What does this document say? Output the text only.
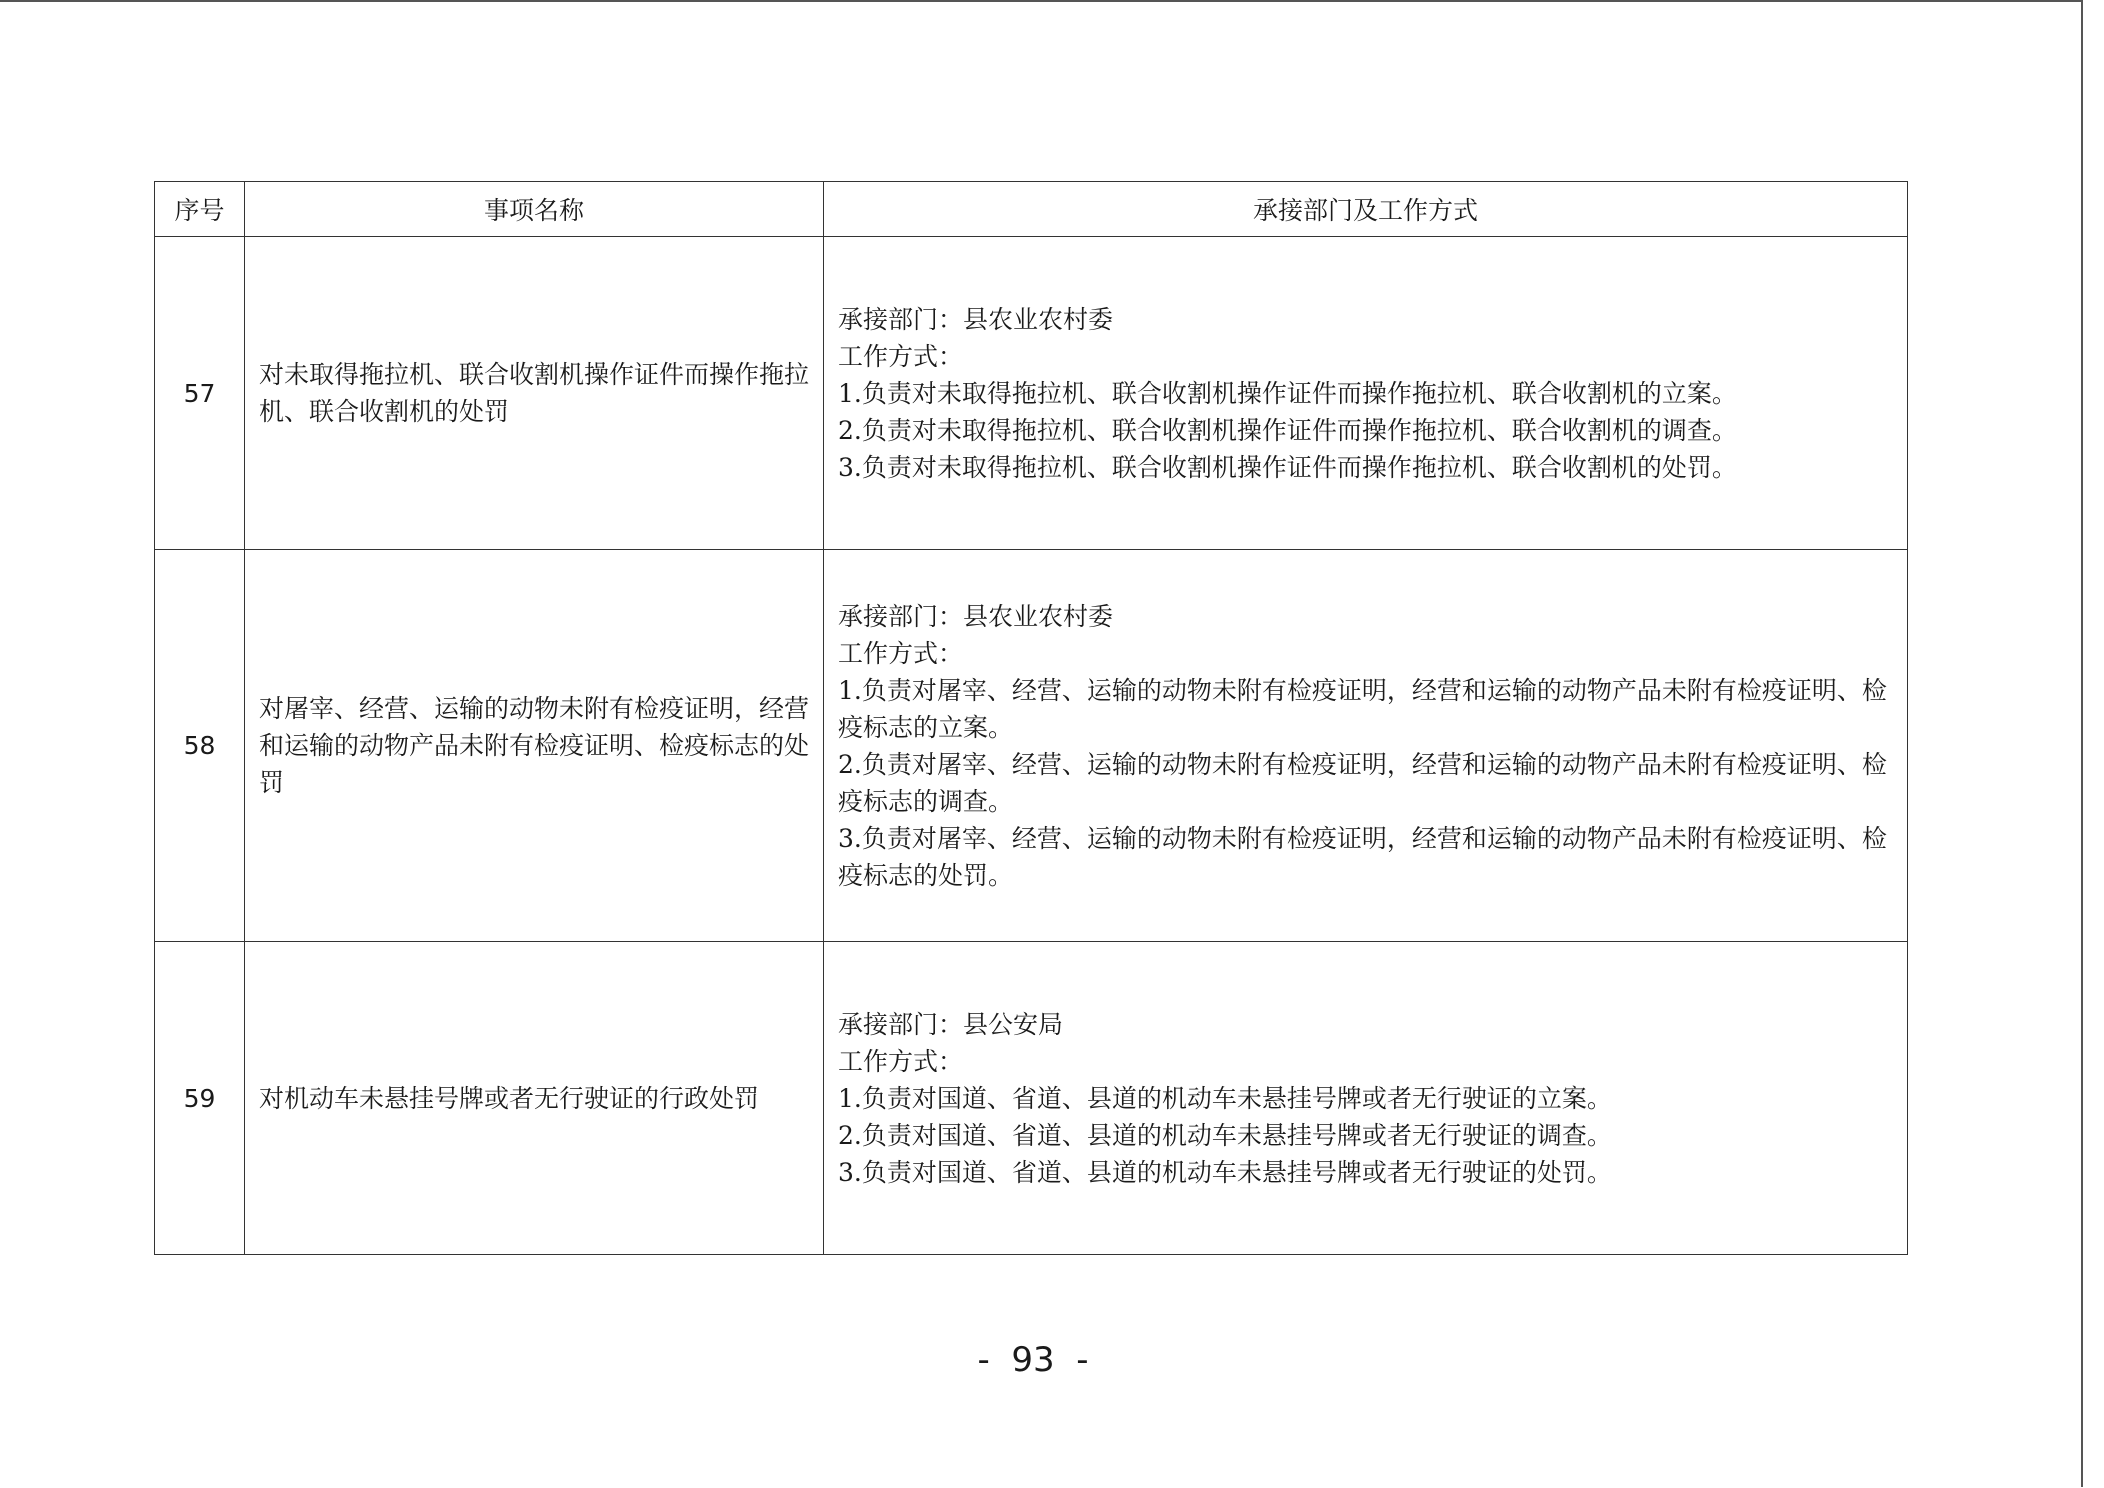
序号	事项名称	承接部门及工作方式
57	对未取得拖拉机、联合收割机操作证件而操作拖拉机、联合收割机的处罚	承接部门：县农业农村委
工作方式：
1.负责对未取得拖拉机、联合收割机操作证件而操作拖拉机、联合收割机的立案。
2.负责对未取得拖拉机、联合收割机操作证件而操作拖拉机、联合收割机的调查。
3.负责对未取得拖拉机、联合收割机操作证件而操作拖拉机、联合收割机的处罚。

58	对屠宰、经营、运输的动物未附有检疫证明，经营和运输的动物产品未附有检疫证明、检疫标志的处罚	承接部门：县农业农村委
工作方式：
1.负责对屠宰、经营、运输的动物未附有检疫证明，经营和运输的动物产品未附有检疫证明、检疫标志的立案。
2.负责对屠宰、经营、运输的动物未附有检疫证明，经营和运输的动物产品未附有检疫证明、检疫标志的调查。
3.负责对屠宰、经营、运输的动物未附有检疫证明，经营和运输的动物产品未附有检疫证明、检疫标志的处罚。

59	对机动车未悬挂号牌或者无行驶证的行政处罚	承接部门：县公安局
工作方式：
1.负责对国道、省道、县道的机动车未悬挂号牌或者无行驶证的立案。
2.负责对国道、省道、县道的机动车未悬挂号牌或者无行驶证的调查。
3.负责对国道、省道、县道的机动车未悬挂号牌或者无行驶证的处罚。
-  93  -
